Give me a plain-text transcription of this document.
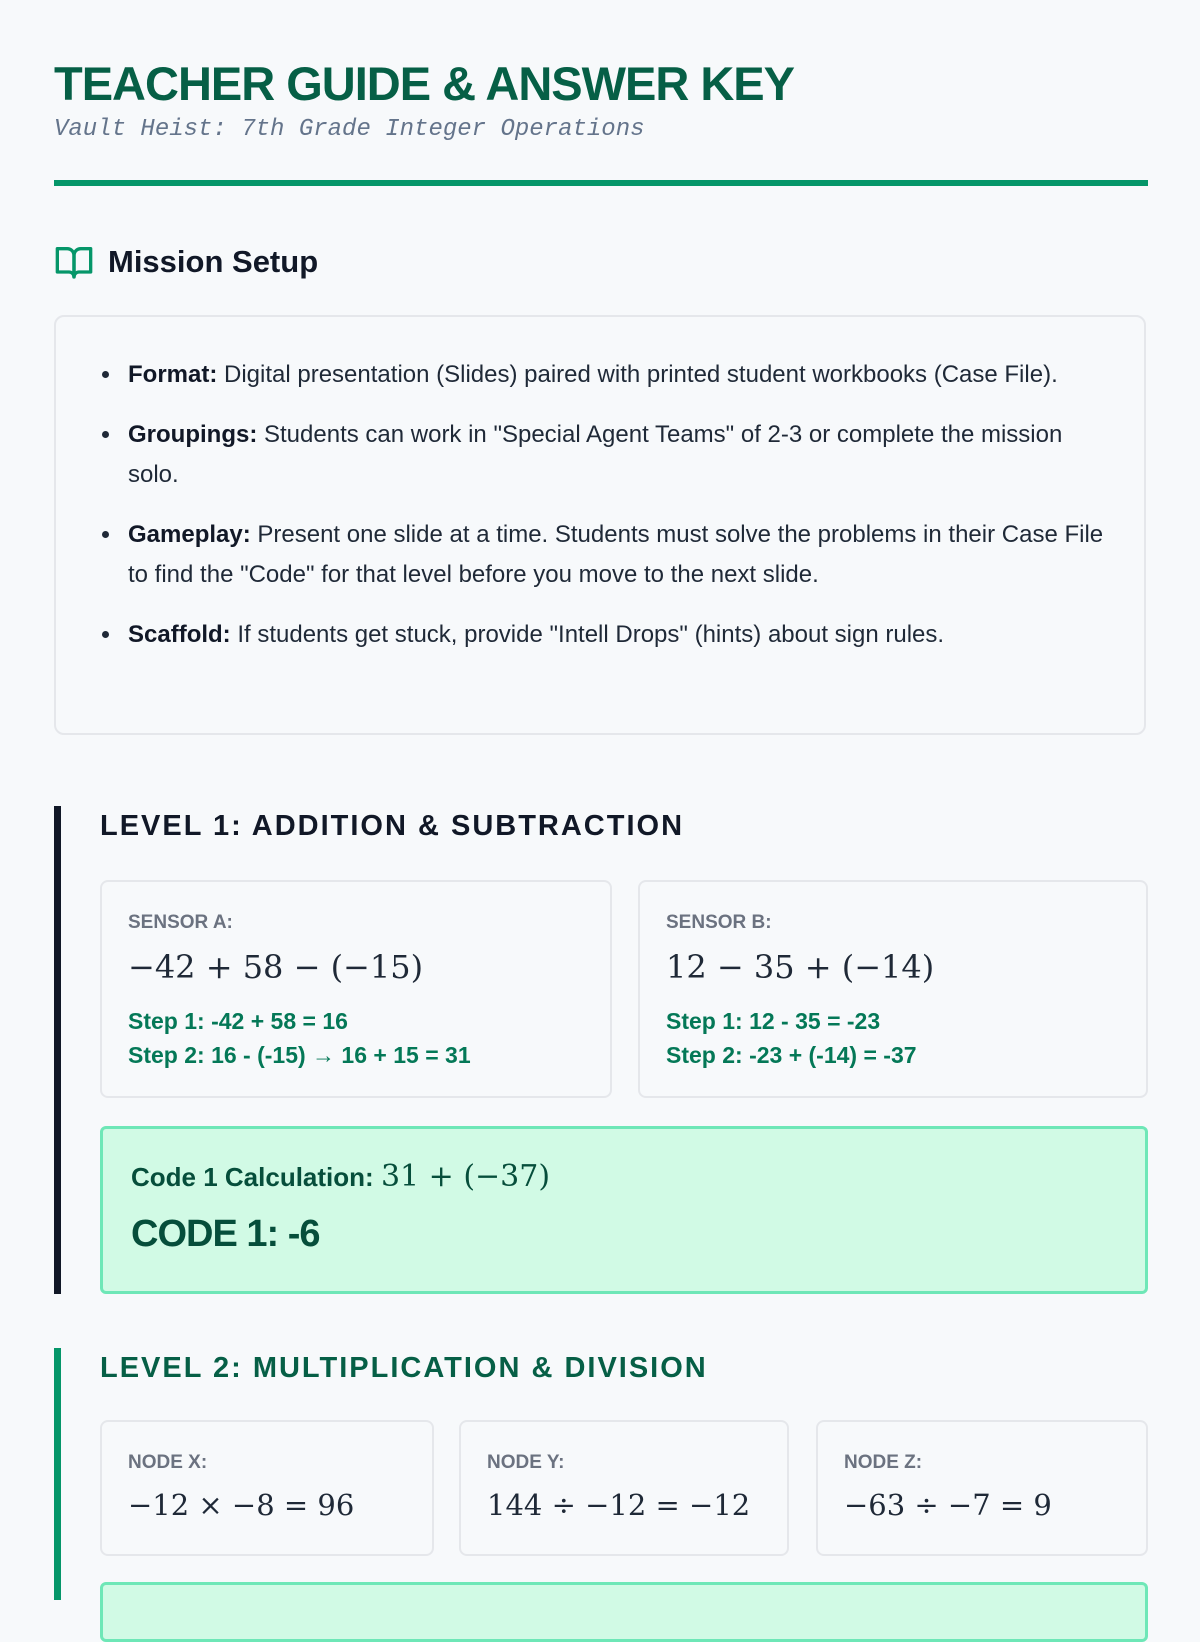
TEACHER GUIDE & ANSWER KEY
Vault Heist: 7th Grade Integer Operations
Mission Setup
Format: Digital presentation (Slides) paired with printed student workbooks (Case File).
Groupings: Students can work in "Special Agent Teams" of 2-3 or complete the mission solo.
Gameplay: Present one slide at a time. Students must solve the problems in their Case File to find the "Code" for that level before you move to the next slide.
Scaffold: If students get stuck, provide "Intell Drops" (hints) about sign rules.
LEVEL 1: ADDITION & SUBTRACTION
SENSOR A:
−42 + 58 − (−15)
Step 1: -42 + 58 = 16
Step 2: 16 - (-15) → 16 + 15 = 31
SENSOR B:
12 − 35 + (−14)
Step 1: 12 - 35 = -23
Step 2: -23 + (-14) = -37
Code 1 Calculation: 31 + (−37)
CODE 1: -6
LEVEL 2: MULTIPLICATION & DIVISION
NODE X:
−12 × −8 = 96
NODE Y:
144 ÷ −12 = −12
NODE Z:
−63 ÷ −7 = 9
